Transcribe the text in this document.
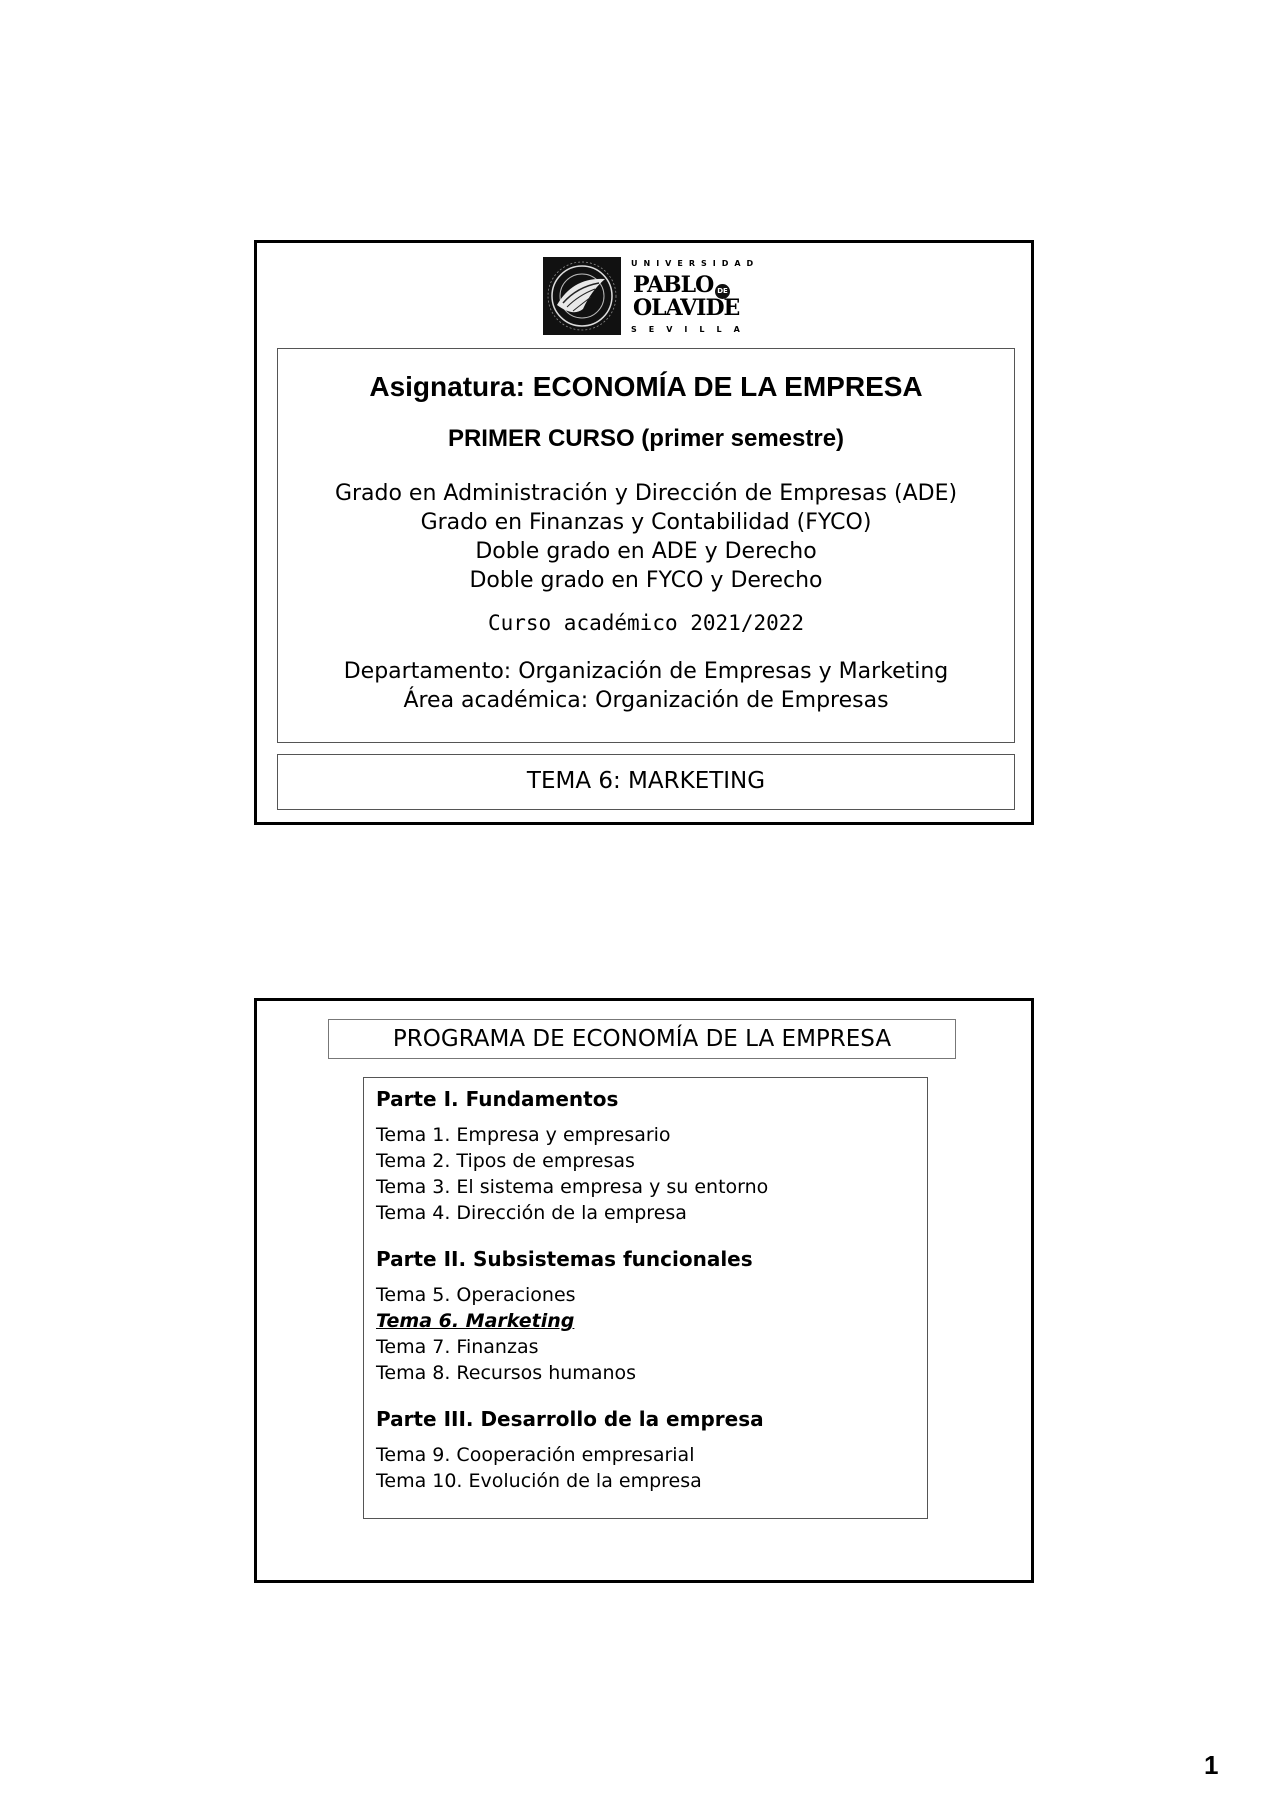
UNIVERSIDAD
PABLO DE
OLAVIDE
SEVILLA
Asignatura: ECONOMÍA DE LA EMPRESA
PRIMER CURSO (primer semestre)
Grado en Administración y Dirección de Empresas (ADE)
Grado en Finanzas y Contabilidad (FYCO)
Doble grado en ADE y Derecho
Doble grado en FYCO y Derecho
Curso académico 2021/2022
Departamento: Organización de Empresas y Marketing
Área académica: Organización de Empresas
TEMA 6: MARKETING
PROGRAMA DE ECONOMÍA DE LA EMPRESA
Parte I. Fundamentos
Tema 1. Empresa y empresario
Tema 2. Tipos de empresas
Tema 3. El sistema empresa y su entorno
Tema 4. Dirección de la empresa
Parte II. Subsistemas funcionales
Tema 5. Operaciones
Tema 6. Marketing
Tema 7. Finanzas
Tema 8. Recursos humanos
Parte III. Desarrollo de la empresa
Tema 9. Cooperación empresarial
Tema 10. Evolución de la empresa
1
